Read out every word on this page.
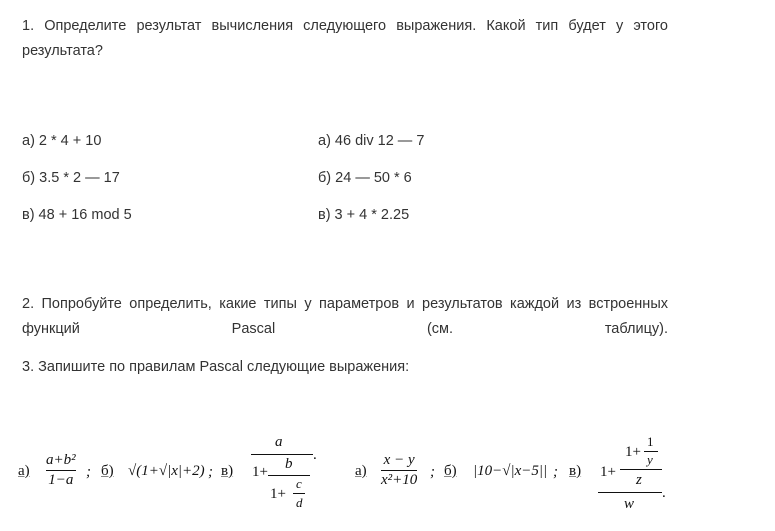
1. Определите результат вычисления следующего выражения. Какой тип будет у этого результата?

а) 2 * 4 + 10
б) 3.5 * 2 — 17
в) 48 + 16 mod 5
а) 46 div 12 — 7
б) 24 — 50 * 6
в) 3 + 4 * 2.25

2. Попробуйте определить, какие типы у параметров и результатов каждой из встроенных функций Pascal (см. таблицу).

3. Запишите по правилам Pascal следующие выражения:

а)
a+b²
1−a ; б) √(1+√|x|+2) ; в)
a
.
1+ b
1+
c
d
а)
x − y
x²+10 ; б) |10−√|x−5|| ; в)
1+
1
y
1+ z
.
w
